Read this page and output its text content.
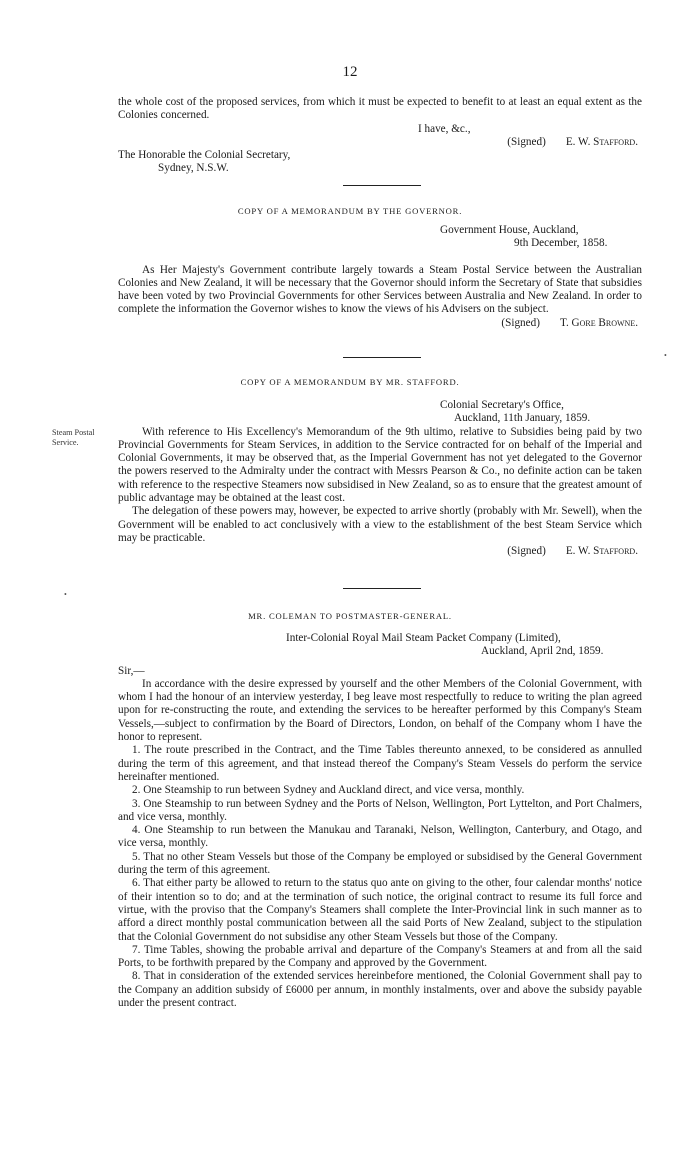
12

the whole cost of the proposed services, from which it must be expected to benefit to at least an equal extent as the Colonies concerned.

I have, &c.,

(Signed) E. W. Stafford.

The Honorable the Colonial Secretary,

Sydney, N.S.W.

COPY OF A MEMORANDUM BY THE GOVERNOR.

Government House, Auckland,

9th December, 1858.

As Her Majesty's Government contribute largely towards a Steam Postal Service between the Australian Colonies and New Zealand, it will be necessary that the Governor should inform the Secretary of State that subsidies have been voted by two Provincial Governments for other Services between Australia and New Zealand. In order to complete the information the Governor wishes to know the views of his Advisers on the subject.

(Signed) T. Gore Browne.
•
COPY OF A MEMORANDUM BY MR. STAFFORD.
Steam Postal
Service.

Colonial Secretary's Office,

Auckland, 11th January, 1859.

With reference to His Excellency's Memorandum of the 9th ultimo, relative to Subsidies being paid by two Provincial Governments for Steam Services, in addition to the Service contracted for on behalf of the Imperial and Colonial Governments, it may be observed that, as the Imperial Government has not yet delegated to the Governor the powers reserved to the Admiralty under the contract with Messrs Pearson & Co., no definite action can be taken with reference to the respective Steamers now subsidised in New Zealand, so as to ensure that the greatest amount of public advantage may be obtained at the least cost.

The delegation of these powers may, however, be expected to arrive shortly (probably with Mr. Sewell), when the Government will be enabled to act conclusively with a view to the establishment of the best Steam Service which may be practicable.

(Signed) E. W. Stafford.
•
MR. COLEMAN TO POSTMASTER-GENERAL.

Inter-Colonial Royal Mail Steam Packet Company (Limited),

Auckland, April 2nd, 1859.

Sir,—

In accordance with the desire expressed by yourself and the other Members of the Colonial Government, with whom I had the honour of an interview yesterday, I beg leave most respectfully to reduce to writing the plan agreed upon for re-constructing the route, and extending the services to be hereafter performed by this Company's Steam Vessels,—subject to confirmation by the Board of Directors, London, on behalf of the Company whom I have the honor to represent.

1. The route prescribed in the Contract, and the Time Tables thereunto annexed, to be considered as annulled during the term of this agreement, and that instead thereof the Company's Steam Vessels do perform the service hereinafter mentioned.

2. One Steamship to run between Sydney and Auckland direct, and vice versa, monthly.

3. One Steamship to run between Sydney and the Ports of Nelson, Wellington, Port Lyttelton, and Port Chalmers, and vice versa, monthly.

4. One Steamship to run between the Manukau and Taranaki, Nelson, Wellington, Canterbury, and Otago, and vice versa, monthly.

5. That no other Steam Vessels but those of the Company be employed or subsidised by the General Government during the term of this agreement.

6. That either party be allowed to return to the status quo ante on giving to the other, four calendar months' notice of their intention so to do; and at the termination of such notice, the original contract to resume its full force and virtue, with the proviso that the Company's Steamers shall complete the Inter-Provincial link in such manner as to afford a direct monthly postal communication between all the said Ports of New Zealand, subject to the stipulation that the Colonial Government do not subsidise any other Steam Vessels but those of the Company.

7. Time Tables, showing the probable arrival and departure of the Company's Steamers at and from all the said Ports, to be forthwith prepared by the Company and approved by the Government.

8. That in consideration of the extended services hereinbefore mentioned, the Colonial Government shall pay to the Company an addition subsidy of £6000 per annum, in monthly instalments, over and above the subsidy payable under the present contract.
